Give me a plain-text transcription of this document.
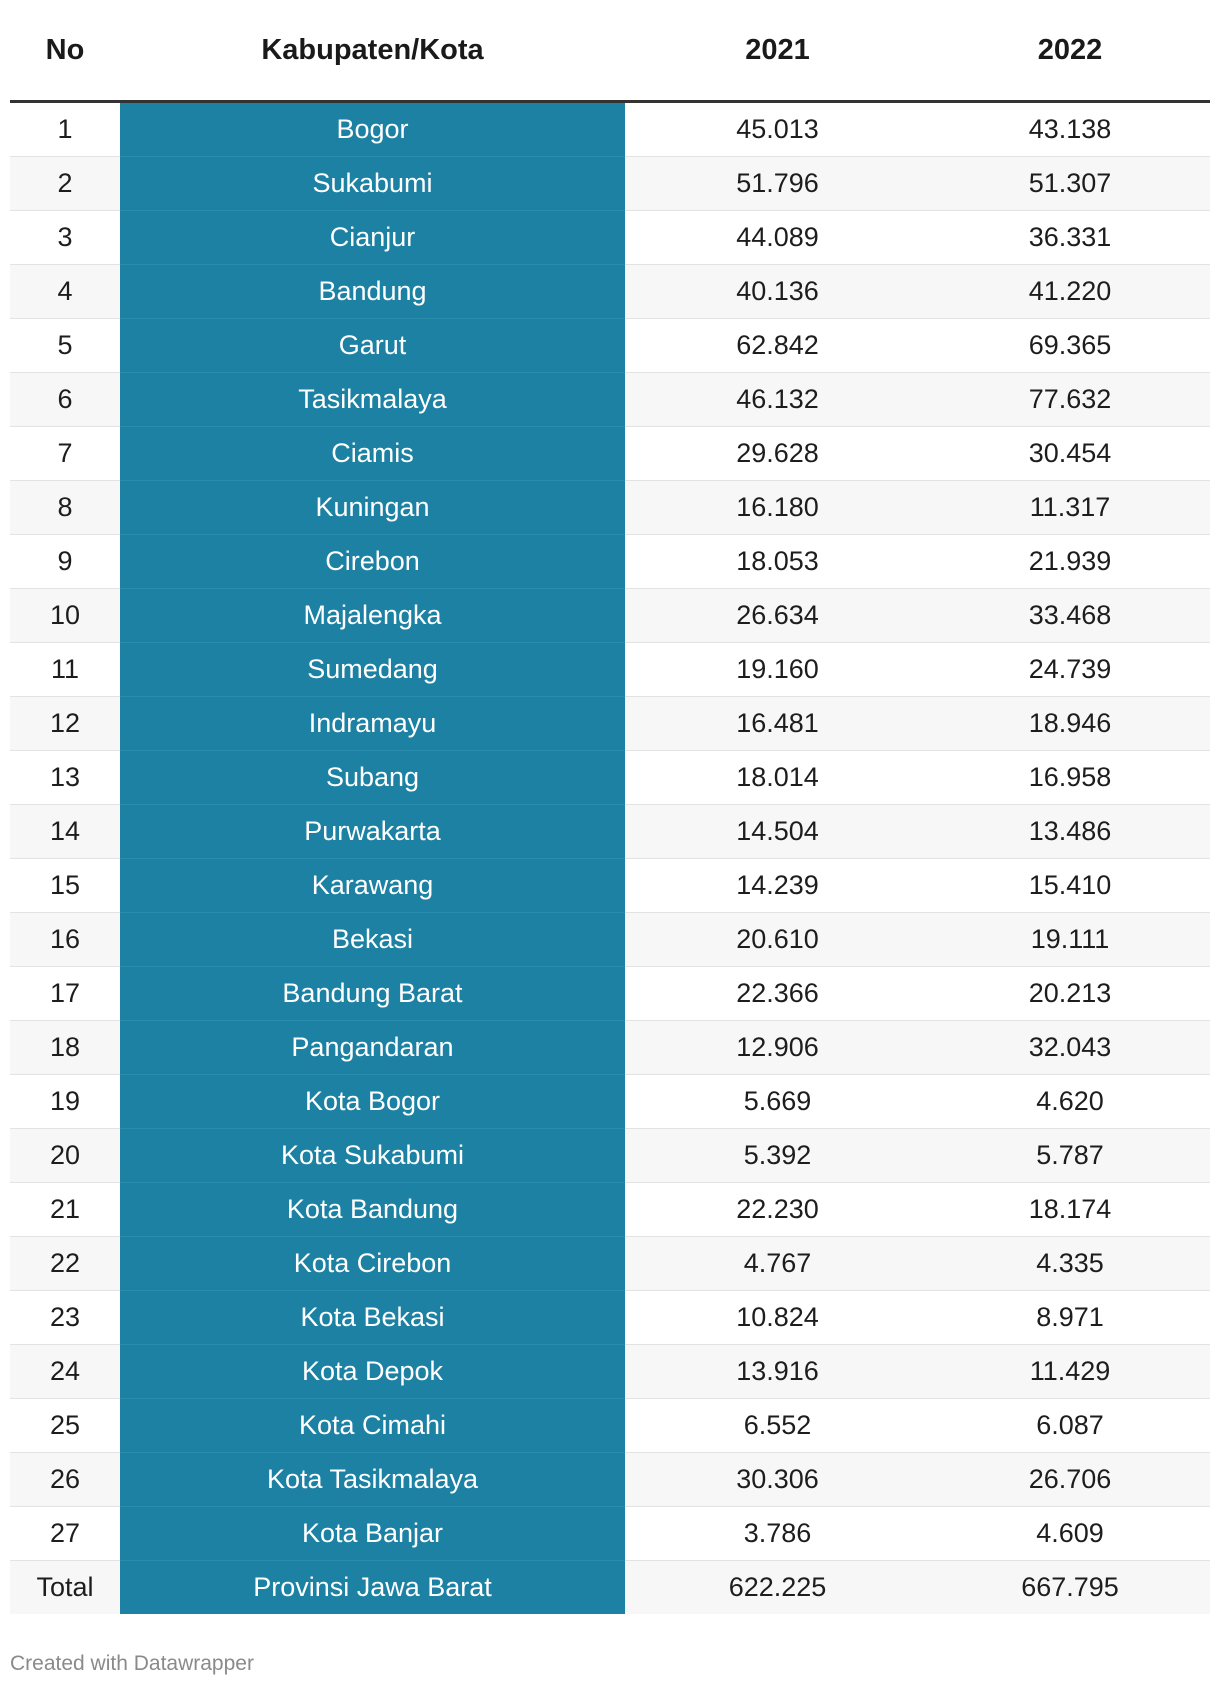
No	Kabupaten/Kota	2021	2022
1	Bogor	45.013	43.138
2	Sukabumi	51.796	51.307
3	Cianjur	44.089	36.331
4	Bandung	40.136	41.220
5	Garut	62.842	69.365
6	Tasikmalaya	46.132	77.632
7	Ciamis	29.628	30.454
8	Kuningan	16.180	11.317
9	Cirebon	18.053	21.939
10	Majalengka	26.634	33.468
11	Sumedang	19.160	24.739
12	Indramayu	16.481	18.946
13	Subang	18.014	16.958
14	Purwakarta	14.504	13.486
15	Karawang	14.239	15.410
16	Bekasi	20.610	19.111
17	Bandung Barat	22.366	20.213
18	Pangandaran	12.906	32.043
19	Kota Bogor	5.669	4.620
20	Kota Sukabumi	5.392	5.787
21	Kota Bandung	22.230	18.174
22	Kota Cirebon	4.767	4.335
23	Kota Bekasi	10.824	8.971
24	Kota Depok	13.916	11.429
25	Kota Cimahi	6.552	6.087
26	Kota Tasikmalaya	30.306	26.706
27	Kota Banjar	3.786	4.609
Total	Provinsi Jawa Barat	622.225	667.795
Created with Datawrapper
